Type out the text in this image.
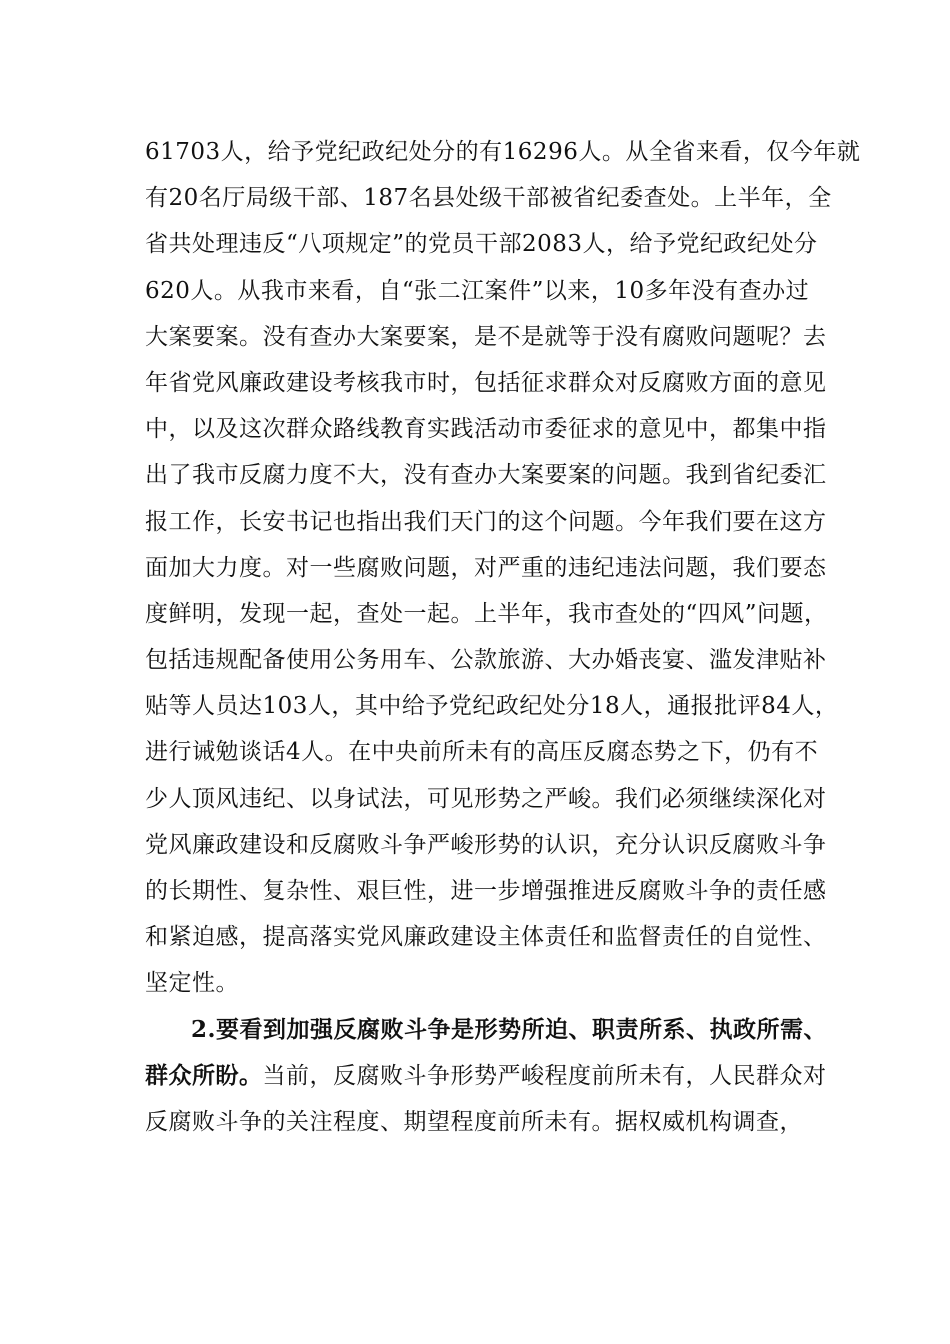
61703人，给予党纪政纪处分的有16296人。从全省来看，仅今年就
有20名厅局级干部、187名县处级干部被省纪委查处。上半年，全
省共处理违反“八项规定”的党员干部2083人，给予党纪政纪处分
620人。从我市来看，自“张二江案件”以来，10多年没有查办过
大案要案。没有查办大案要案，是不是就等于没有腐败问题呢？去
年省党风廉政建设考核我市时，包括征求群众对反腐败方面的意见
中，以及这次群众路线教育实践活动市委征求的意见中，都集中指
出了我市反腐力度不大，没有查办大案要案的问题。我到省纪委汇
报工作，长安书记也指出我们天门的这个问题。今年我们要在这方
面加大力度。对一些腐败问题，对严重的违纪违法问题，我们要态
度鲜明，发现一起，查处一起。上半年，我市查处的“四风”问题，
包括违规配备使用公务用车、公款旅游、大办婚丧宴、滥发津贴补
贴等人员达103人，其中给予党纪政纪处分18人，通报批评84人，
进行诫勉谈话4人。在中央前所未有的高压反腐态势之下，仍有不
少人顶风违纪、以身试法，可见形势之严峻。我们必须继续深化对
党风廉政建设和反腐败斗争严峻形势的认识，充分认识反腐败斗争
的长期性、复杂性、艰巨性，进一步增强推进反腐败斗争的责任感
和紧迫感，提高落实党风廉政建设主体责任和监督责任的自觉性、
坚定性。
2.要看到加强反腐败斗争是形势所迫、职责所系、执政所需、
群众所盼。当前，反腐败斗争形势严峻程度前所未有，人民群众对
反腐败斗争的关注程度、期望程度前所未有。据权威机构调查，
